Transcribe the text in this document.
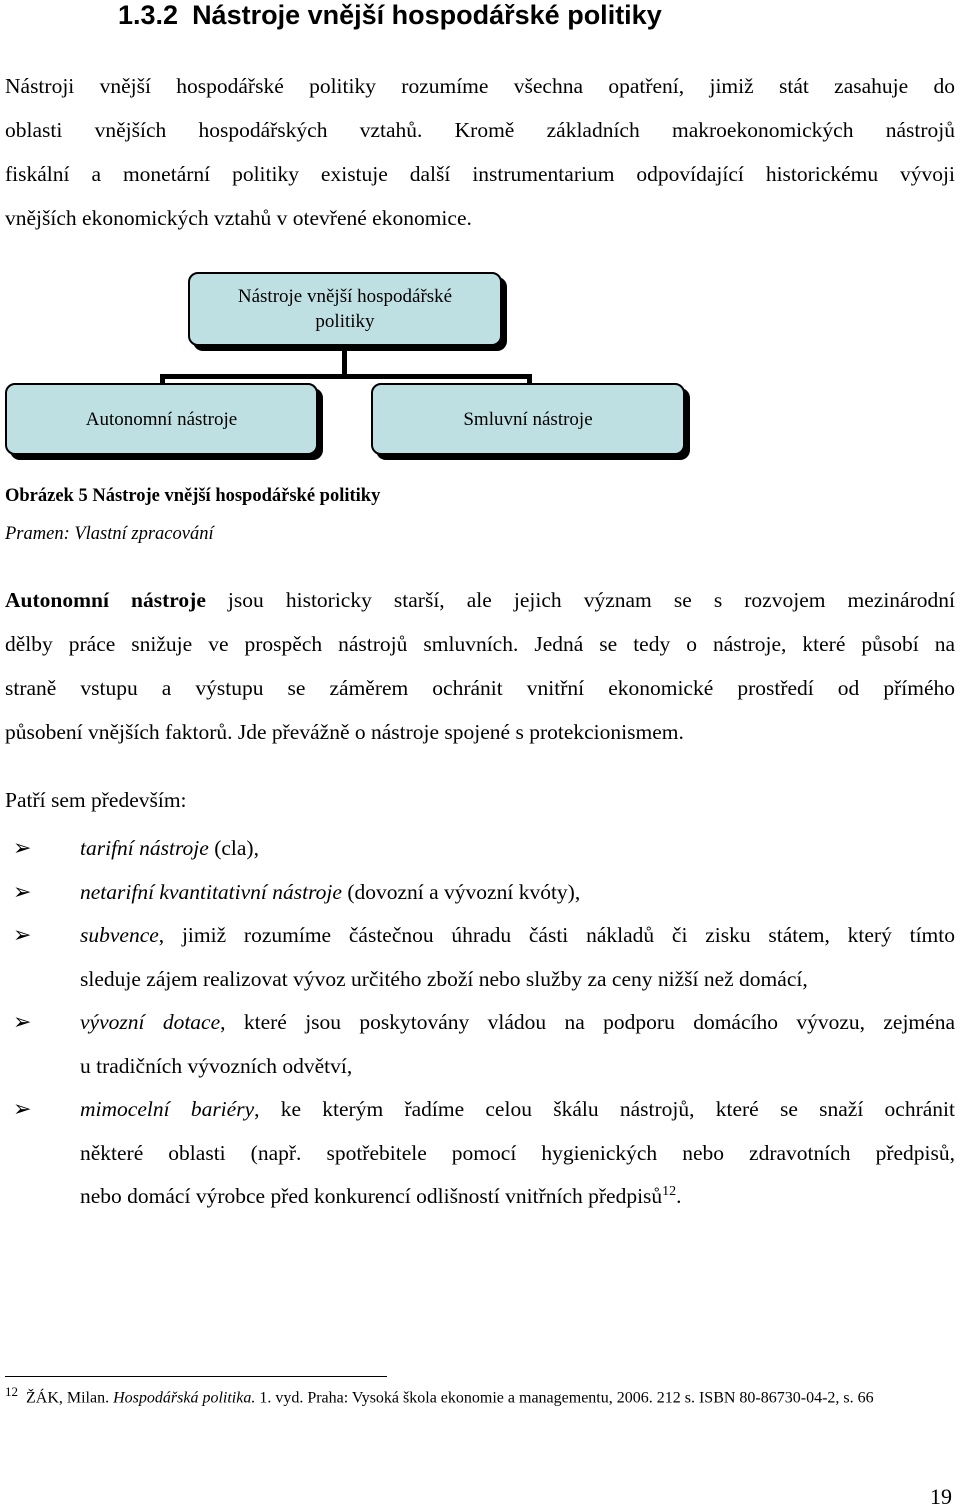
1.3.2 Nástroje vnější hospodářské politiky
Nástroji vnější hospodářské politiky rozumíme všechna opatření, jimiž stát zasahuje do
oblasti vnějších hospodářských vztahů. Kromě základních makroekonomických nástrojů
fiskální a monetární politiky existuje další instrumentarium odpovídající historickému vývoji
vnějších ekonomických vztahů v otevřené ekonomice.
Nástroje vnější hospodářské
politiky
Autonomní nástroje	Smluvní nástroje
Obrázek 5 Nástroje vnější hospodářské politiky
Pramen: Vlastní zpracování
Autonomní nástroje jsou historicky starší, ale jejich význam se s rozvojem mezinárodní
dělby práce snižuje ve prospěch nástrojů smluvních. Jedná se tedy o nástroje, které působí na
straně vstupu a výstupu se záměrem ochránit vnitřní ekonomické prostředí od přímého
působení vnějších faktorů. Jde převážně o nástroje spojené s protekcionismem.
Patří sem především:
➢ tarifní nástroje (cla),
➢ netarifní kvantitativní nástroje (dovozní a vývozní kvóty),
➢ subvence, jimiž rozumíme částečnou úhradu části nákladů či zisku státem, který tímto
sleduje zájem realizovat vývoz určitého zboží nebo služby za ceny nižší než domácí,
➢ vývozní dotace, které jsou poskytovány vládou na podporu domácího vývozu, zejména
u tradičních vývozních odvětví,
➢ mimocelní bariéry, ke kterým řadíme celou škálu nástrojů, které se snaží ochránit
některé oblasti (např. spotřebitele pomocí hygienických nebo zdravotních předpisů,
nebo domácí výrobce před konkurencí odlišností vnitřních předpisů$^{12}$.
$^{12}$ ŽÁK, Milan. Hospodářská politika. 1. vyd. Praha: Vysoká škola ekonomie a managementu, 2006. 212 s. ISBN 80-86730-04-2, s. 66
19
